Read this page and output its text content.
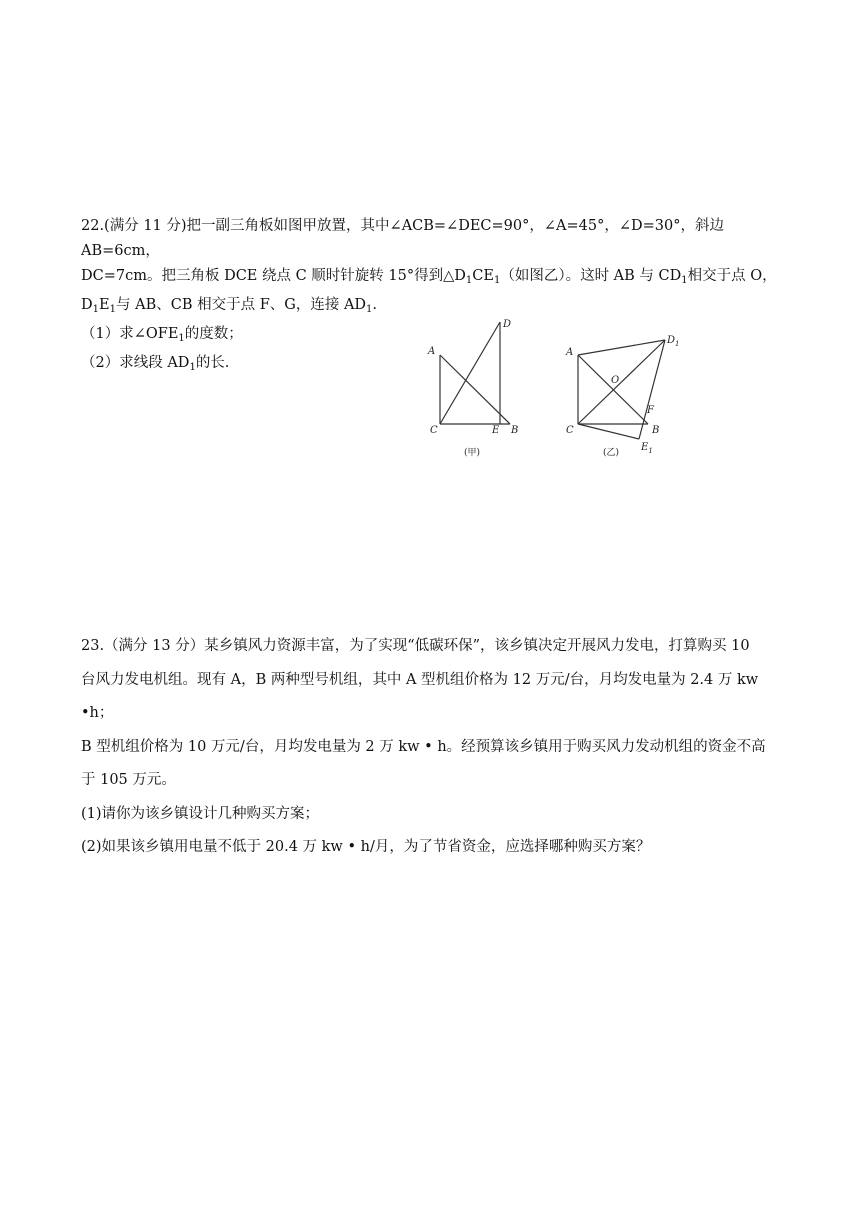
22.(满分 11 分)把一副三角板如图甲放置，其中∠ACB=∠DEC=90°，∠A=45°，∠D=30°，斜边 AB=6cm，

DC=7cm。把三角板 DCE 绕点 C 顺时针旋转 15°得到$\triangle D_1CE_1$（如图乙）。这时 AB 与 $CD_1$相交于点 O，

$D_1E_1$与 AB、CB 相交于点 F、G，连接 $AD_1$.

（1）求$\angle OFE_1$的度数；

（2）求线段 $AD_1$的长.

A
C
D
E B
(甲)
A
C
$D_1$
O
F
B
$E_1$
(乙)

23.（满分 13 分）某乡镇风力资源丰富，为了实现“低碳环保”，该乡镇决定开展风力发电，打算购买 10

台风力发电机组。现有 A，B 两种型号机组，其中 A 型机组价格为 12 万元/台，月均发电量为 2.4 万 kw •h；

B 型机组价格为 10 万元/台，月均发电量为 2 万 kw • h。经预算该乡镇用于购买风力发动机组的资金不高

于 105 万元。

(1)请你为该乡镇设计几种购买方案；

(2)如果该乡镇用电量不低于 20.4 万 kw • h/月，为了节省资金，应选择哪种购买方案？
